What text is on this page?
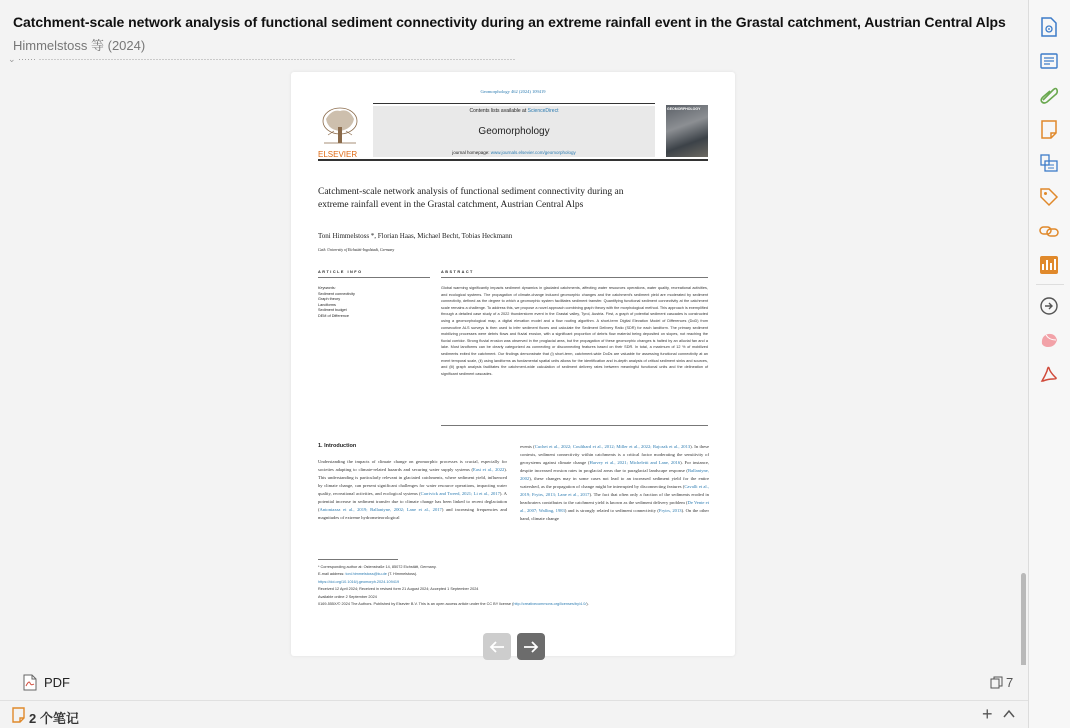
Catchment-scale network analysis of functional sediment connectivity during an extreme rainfall event in the Grastal catchment, Austrian Central Alps
Himmelstoss 等 (2024)
⌄ ⋯⋯ ⋯⋯⋯⋯⋯⋯⋯⋯⋯⋯⋯⋯⋯⋯⋯⋯⋯⋯⋯⋯⋯⋯⋯⋯⋯⋯⋯⋯⋯⋯⋯⋯⋯⋯⋯⋯⋯⋯⋯⋯⋯⋯⋯⋯⋯⋯⋯⋯⋯⋯⋯⋯⋯
Geomorphology 462 (2024) 109419
ELSEVIER
Contents lists available at ScienceDirect
Geomorphology
journal homepage: www.journals.elsevier.com/geomorphology
GEOMORPHOLOGY
Catchment-scale network analysis of functional sediment connectivity during an extreme rainfall event in the Grastal catchment, Austrian Central Alps
Toni Himmelstoss *, Florian Haas, Michael Becht, Tobias Heckmann
Cath. University of Eichstätt-Ingolstadt, Germany
ARTICLE INFO	ABSTRACT
Keywords:
Sediment connectivity
Graph theory
Landforms
Sediment budget
DEM of Difference
Global warming significantly impacts sediment dynamics in glaciated catchments, affecting water resources operations, water quality, recreational activities, and ecological systems. The propagation of climate-change induced geomorphic changes and the catchment's sediment yield are moderated by sediment connectivity, defined as the degree to which a geomorphic system facilitates sediment transfer. Quantifying functional sediment connectivity at the catchment scale remains a challenge. To address this, we propose a novel approach combining graph theory with the morphological method. This approach is exemplified through a detailed case study of a 2022 thunderstorm event in the Grastal valley, Tyrol, Austria. First, a graph of potential sediment cascades is constructed using a geomorphological map, a digital elevation model and a flow routing algorithm. A short-term Digital Elevation Model of Differences (DoD) from consecutive ALS surveys is then used to infer sediment fluxes and calculate the Sediment Delivery Ratio (SDR) for each landform. The primary sediment mobilizing processes were debris flows and fluvial erosion, with a significant proportion of debris flow material being deposited on slopes, not reaching the fluvial corridor. Strong fluvial erosion was observed in the proglacial area, but the propagation of these geomorphic changes is halted by an alluvial fan and a lake. Most landforms can be clearly categorized as connecting or disconnecting features based on their SDR. In total, a maximum of 12 % of mobilized sediments exited the catchment. Our findings demonstrate that (i) short-term, catchment-wide DoDs are valuable for assessing functional connectivity at an event temporal scale, (ii) using landforms as fundamental spatial units allows for the identification and in-depth analysis of critical sediment sinks and sources, and (iii) graph analysis facilitates the catchment-wide calculation of sediment delivery rates between meaningful functional units and the delineation of significant sediment cascades.
1. Introduction
Understanding the impacts of climate change on geomorphic processes is crucial, especially for societies adapting to climate-related hazards and securing water supply systems (East et al., 2022). This understanding is particularly relevant in glaciated catchments, where sediment yield, influenced by climate change, can present significant challenges for water resource operations, impacting water quality, recreational activities, and ecological systems (Carrivick and Tweed, 2021; Li et al., 2017). A potential increase in sediment transfer due to climate change has been linked to recent deglaciation (Antoniazza et al., 2019; Ballantyne, 2002; Lane et al., 2017) and increasing frequencies and magnitudes of extreme hydrometeorological
events (Cuchet et al., 2022; Coulthard et al., 2012; Miller et al., 2022; Rajczak et al., 2013). In these contexts, sediment connectivity within catchments is a critical factor moderating the sensitivity of geosystems against climate change (Harvey et al., 2021; Micheletti and Lane, 2016). For instance, despite increased erosion rates in proglacial areas due to paraglacial landscape response (Ballantyne, 2002), these changes may in some cases not lead to an increased sediment yield for the entire watershed, as the propagation of change might be interrupted by disconnecting features (Cavalli et al., 2019; Fryirs, 2013; Lane et al., 2017). The fact that often only a fraction of the sediments eroded in headwaters contributes to the catchment yield is known as the sediment delivery problem (De Vente et al., 2007; Walling, 1983) and is strongly related to sediment connectivity (Fryirs, 2013). On the other hand, climate change
* Corresponding author at: Ostenstraße 14, 85072 Eichstätt, Germany.
E-mail address: toni.himmelstoss@ku.de (T. Himmelstoss).
https://doi.org/10.1016/j.geomorph.2024.109419
Received 12 April 2024; Received in revised form 21 August 2024; Accepted 1 September 2024
Available online 2 September 2024
0169-555X/© 2024 The Authors. Published by Elsevier B.V. This is an open access article under the CC BY license (http://creativecommons.org/licenses/by/4.0/).
PDF	7
2 个笔记	+
